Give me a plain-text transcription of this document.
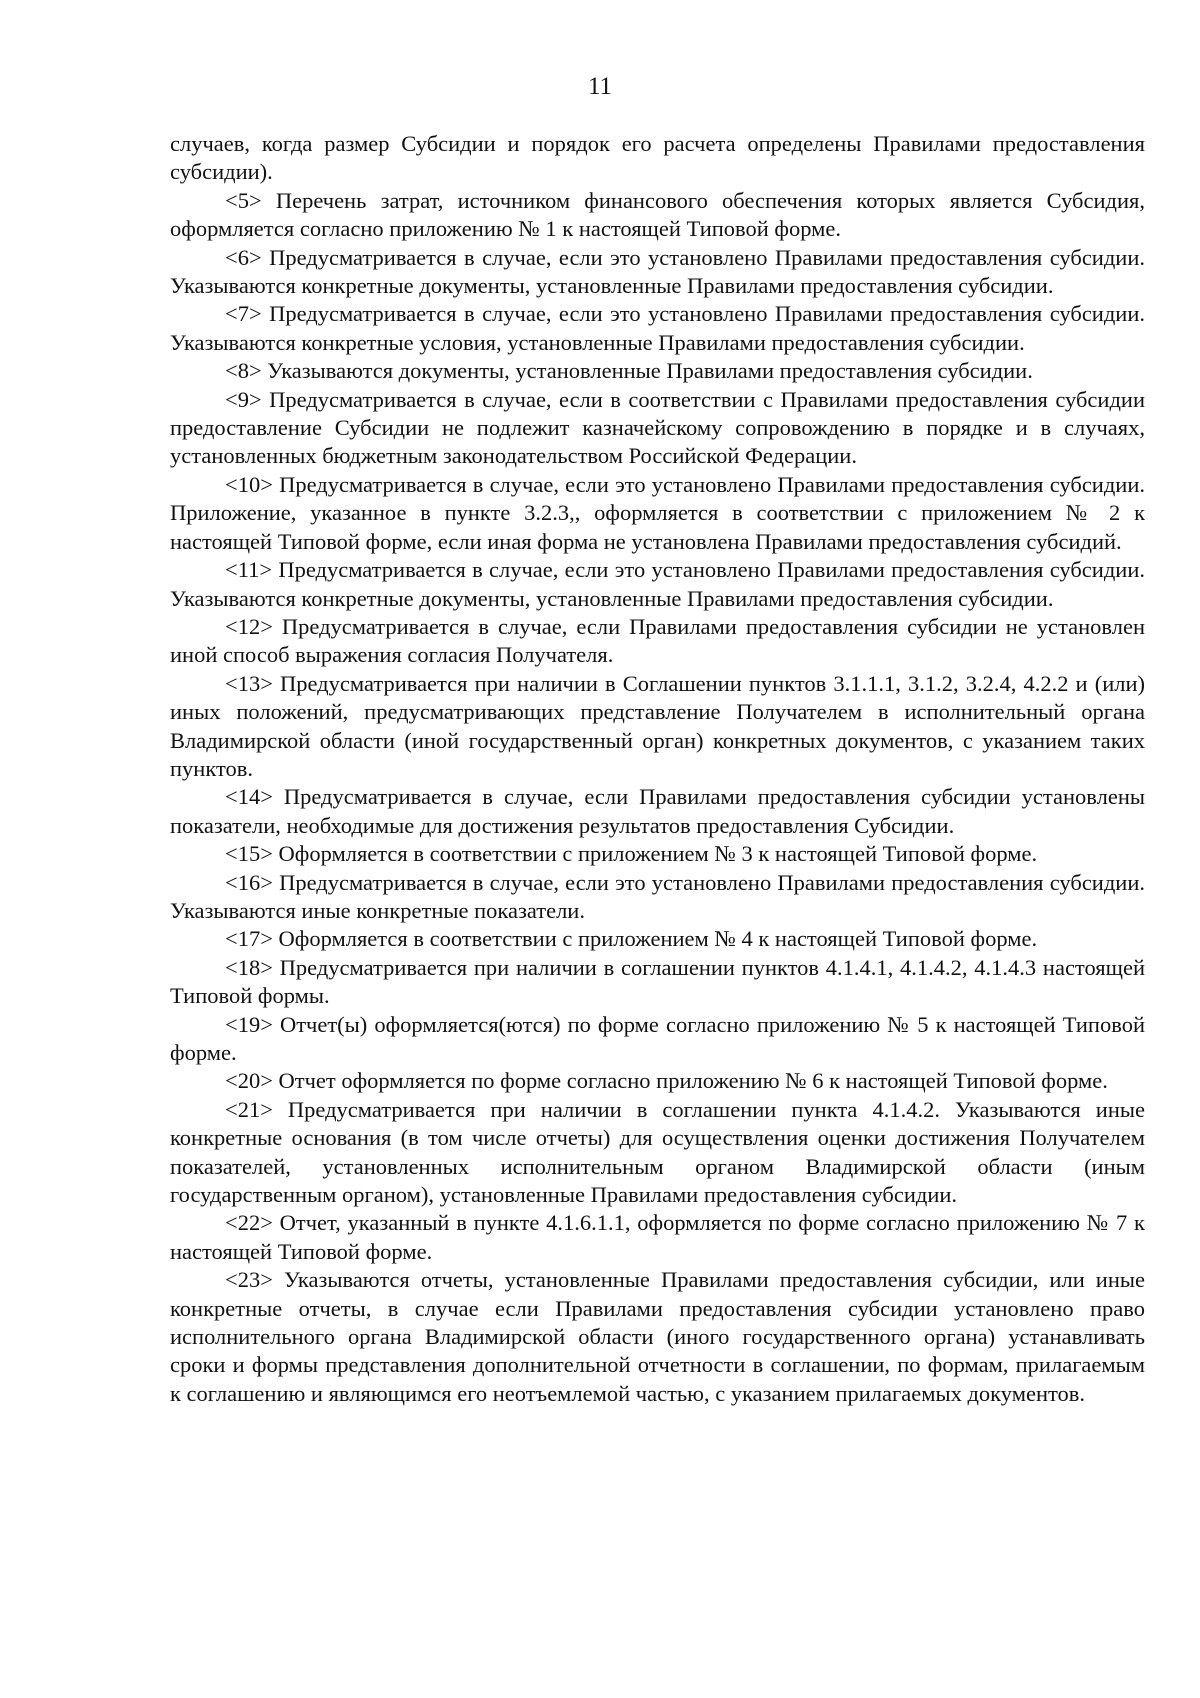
11

случаев, когда размер Субсидии и порядок его расчета определены Правилами предоставления субсидии).

<5> Перечень затрат, источником финансового обеспечения которых является Субсидия, оформляется согласно приложению № 1 к настоящей Типовой форме.

<6> Предусматривается в случае, если это установлено Правилами предоставления субсидии. Указываются конкретные документы, установленные Правилами предоставления субсидии.

<7> Предусматривается в случае, если это установлено Правилами предоставления субсидии. Указываются конкретные условия, установленные Правилами предоставления субсидии.

<8> Указываются документы, установленные Правилами предоставления субсидии.

<9> Предусматривается в случае, если в соответствии с Правилами предоставления субсидии предоставление Субсидии не подлежит казначейскому сопровождению в порядке и в случаях, установленных бюджетным законодательством Российской Федерации.

<10> Предусматривается в случае, если это установлено Правилами предоставления субсидии. Приложение, указанное в пункте 3.2.3,, оформляется в соответствии с приложением № 2 к настоящей Типовой форме, если иная форма не установлена Правилами предоставления субсидий.

<11> Предусматривается в случае, если это установлено Правилами предоставления субсидии. Указываются конкретные документы, установленные Правилами предоставления субсидии.

<12> Предусматривается в случае, если Правилами предоставления субсидии не установлен иной способ выражения согласия Получателя.

<13> Предусматривается при наличии в Соглашении пунктов 3.1.1.1, 3.1.2, 3.2.4, 4.2.2 и (или) иных положений, предусматривающих представление Получателем в исполнительный органа Владимирской области (иной государственный орган) конкретных документов, с указанием таких пунктов.

<14> Предусматривается в случае, если Правилами предоставления субсидии установлены показатели, необходимые для достижения результатов предоставления Субсидии.

<15> Оформляется в соответствии с приложением № 3 к настоящей Типовой форме.

<16> Предусматривается в случае, если это установлено Правилами предоставления субсидии. Указываются иные конкретные показатели.

<17> Оформляется в соответствии с приложением № 4 к настоящей Типовой форме.

<18> Предусматривается при наличии в соглашении пунктов 4.1.4.1, 4.1.4.2, 4.1.4.3 настоящей Типовой формы.

<19> Отчет(ы) оформляется(ются) по форме согласно приложению № 5 к настоящей Типовой форме.

<20> Отчет оформляется по форме согласно приложению № 6 к настоящей Типовой форме.

<21> Предусматривается при наличии в соглашении пункта 4.1.4.2. Указываются иные конкретные основания (в том числе отчеты) для осуществления оценки достижения Получателем показателей, установленных исполнительным органом Владимирской области (иным государственным органом), установленные Правилами предоставления субсидии.

<22> Отчет, указанный в пункте 4.1.6.1.1, оформляется по форме согласно приложению № 7 к настоящей Типовой форме.

<23> Указываются отчеты, установленные Правилами предоставления субсидии, или иные конкретные отчеты, в случае если Правилами предоставления субсидии установлено право исполнительного органа Владимирской области (иного государственного органа) устанавливать сроки и формы представления дополнительной отчетности в соглашении, по формам, прилагаемым к соглашению и являющимся его неотъемлемой частью, с указанием прилагаемых документов.
